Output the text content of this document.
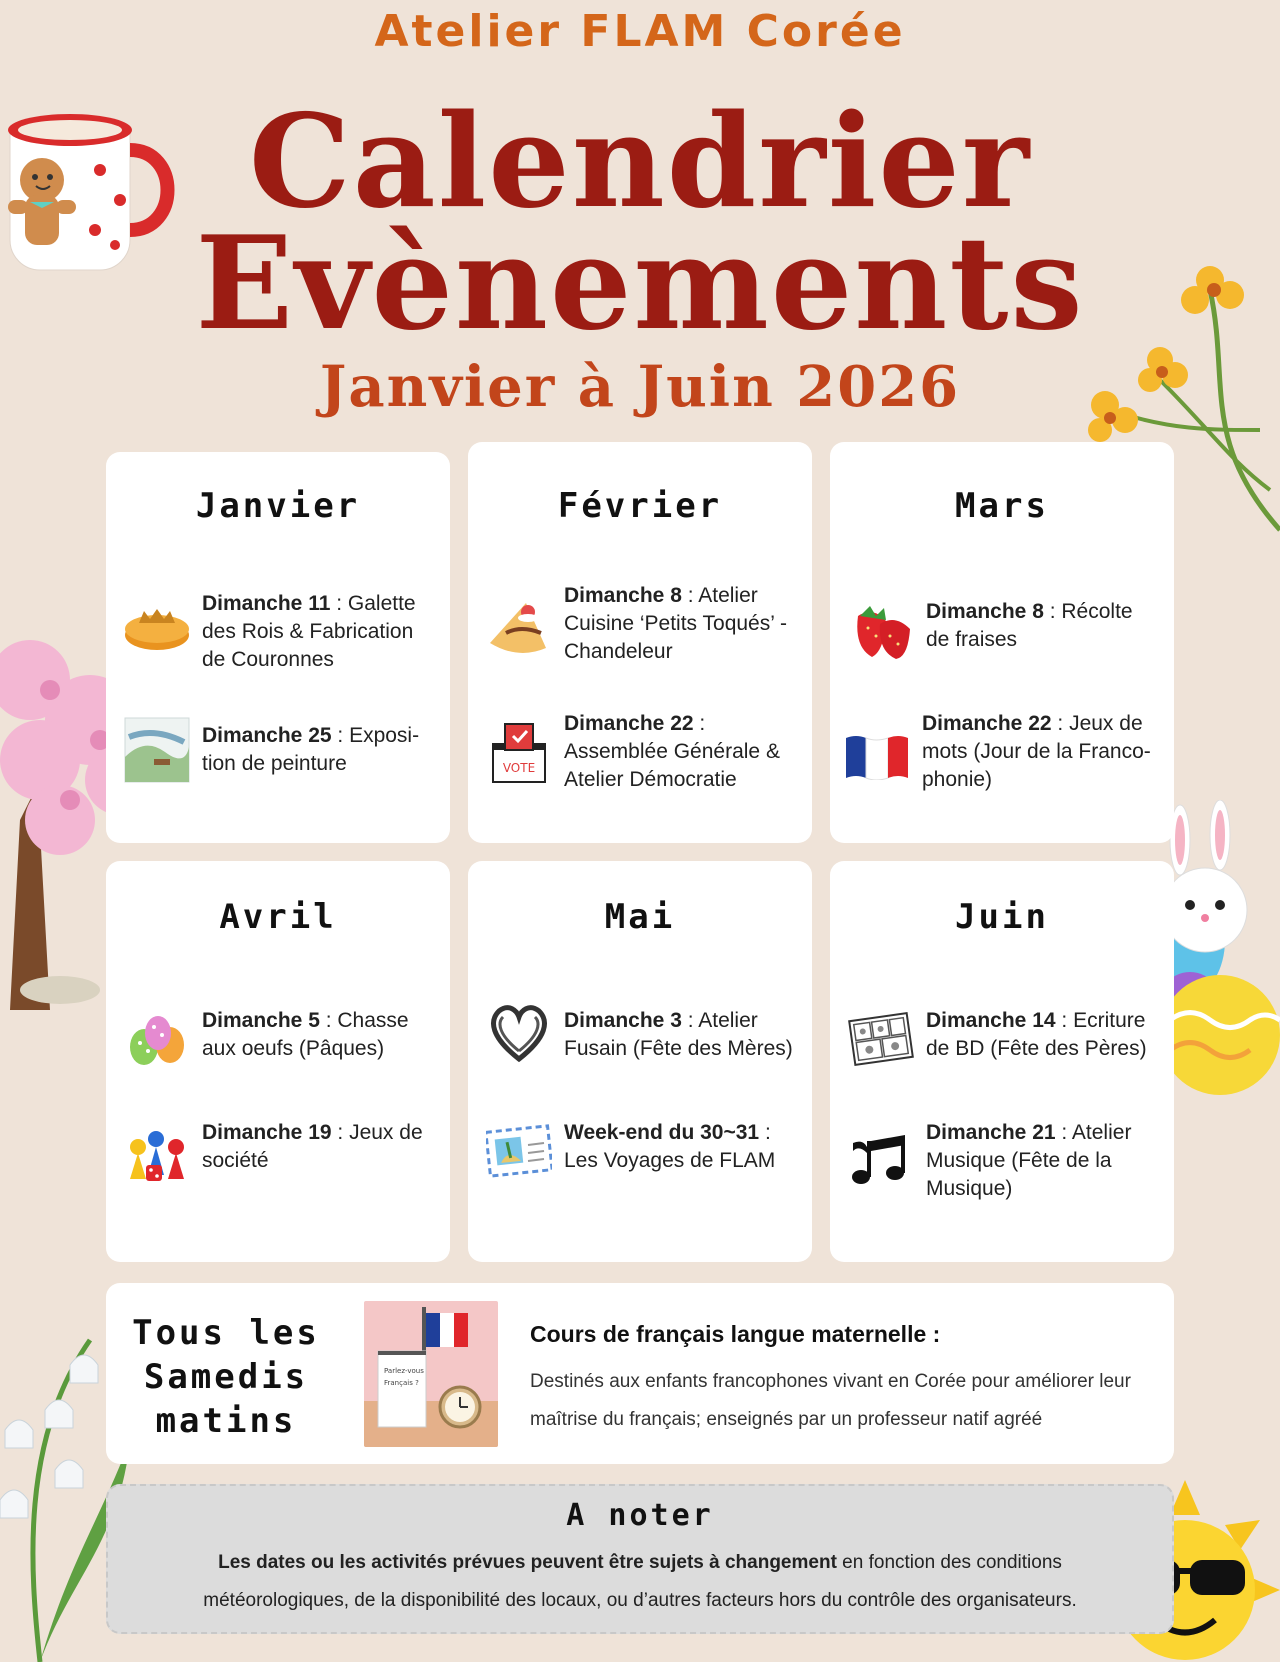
Atelier FLAM Corée
Calendrier
Evènements
Janvier à Juin 2026
Janvier
Dimanche 11 : Galette des Rois & Fabrication de Couronnes
Dimanche 25 : Exposi-tion de peinture
Février
Dimanche 8 : Atelier Cuisine ‘Petits Toqués’ - Chandeleur
VOTE
Dimanche 22 : Assemblée Générale & Atelier Démocratie
Mars
Dimanche 8 : Récolte de fraises
Dimanche 22 : Jeux de mots (Jour de la Franco-phonie)
Avril
Dimanche 5 : Chasse aux oeufs (Pâques)
Dimanche 19 : Jeux de société
Mai
Dimanche 3 : Atelier Fusain (Fête des Mères)
Week-end du 30~31 : Les Voyages de FLAM
Juin
Dimanche 14 : Ecriture de BD (Fête des Pères)
Dimanche 21 : Atelier Musique (Fête de la Musique)
Tous les
Samedis
matins
Parlez-vous
Français ?
Cours de français langue maternelle :
Destinés aux enfants francophones vivant en Corée pour améliorer leur maîtrise du français; enseignés par un professeur natif agréé
A noter
Les dates ou les activités prévues peuvent être sujets à changement en fonction des conditions météorologiques, de la disponibilité des locaux, ou d’autres facteurs hors du contrôle des organisateurs.
